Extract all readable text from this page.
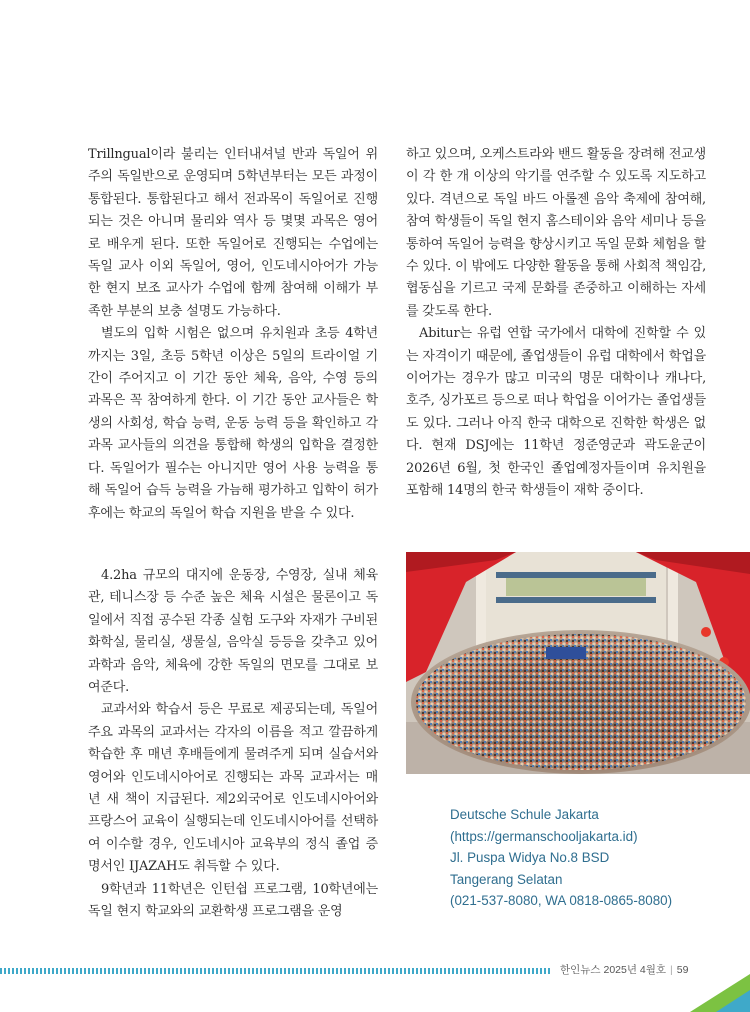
Trillngual이라 불리는 인터내셔널 반과 독일어 위주의 독일반으로 운영되며 5학년부터는 모든 과정이 통합된다. 통합된다고 해서 전과목이 독일어로 진행되는 것은 아니며 물리와 역사 등 몇몇 과목은 영어로 배우게 된다. 또한 독일어로 진행되는 수업에는 독일 교사 이외 독일어, 영어, 인도네시아어가 가능한 현지 보조 교사가 수업에 함께 참여해 이해가 부족한 부분의 보충 설명도 가능하다.

별도의 입학 시험은 없으며 유치원과 초등 4학년 까지는 3일, 초등 5학년 이상은 5일의 트라이얼 기간이 주어지고 이 기간 동안 체육, 음악, 수영 등의 과목은 꼭 참여하게 한다. 이 기간 동안 교사들은 학생의 사회성, 학습 능력, 운동 능력 등을 확인하고 각 과목 교사들의 의견을 통합해 학생의 입학을 결정한다. 독일어가 필수는 아니지만 영어 사용 능력을 통해 독일어 습득 능력을 가늠해 평가하고 입학이 허가 후에는 학교의 독일어 학습 지원을 받을 수 있다.

4.2ha 규모의 대지에 운동장, 수영장, 실내 체육관, 테니스장 등 수준 높은 체육 시설은 물론이고 독일에서 직접 공수된 각종 실험 도구와 자재가 구비된 화학실, 물리실, 생물실, 음악실 등등을 갖추고 있어 과학과 음악, 체육에 강한 독일의 면모를 그대로 보여준다.

교과서와 학습서 등은 무료로 제공되는데, 독일어 주요 과목의 교과서는 각자의 이름을 적고 깔끔하게 학습한 후 매년 후배들에게 물려주게 되며 실습서와 영어와 인도네시아어로 진행되는 과목 교과서는 매년 새 책이 지급된다. 제2외국어로 인도네시아어와 프랑스어 교육이 실행되는데 인도네시아어를 선택하여 이수할 경우, 인도네시아 교육부의 정식 졸업 증명서인 IJAZAH도 취득할 수 있다.

9학년과 11학년은 인턴쉽 프로그램, 10학년에는 독일 현지 학교와의 교환학생 프로그램을 운영

하고 있으며, 오케스트라와 밴드 활동을 장려해 전교생이 각 한 개 이상의 악기를 연주할 수 있도록 지도하고 있다. 격년으로 독일 바드 아롤젠 음악 축제에 참여해, 참여 학생들이 독일 현지 홈스테이와 음악 세미나 등을 통하여 독일어 능력을 향상시키고 독일 문화 체험을 할 수 있다. 이 밖에도 다양한 활동을 통해 사회적 책임감, 협동심을 기르고 국제 문화를 존중하고 이해하는 자세를 갖도록 한다.

Abitur는 유럽 연합 국가에서 대학에 진학할 수 있는 자격이기 때문에, 졸업생들이 유럽 대학에서 학업을 이어가는 경우가 많고 미국의 명문 대학이나 캐나다, 호주, 싱가포르 등으로 떠나 학업을 이어가는 졸업생들도 있다. 그러나 아직 한국 대학으로 진학한 학생은 없다. 현재 DSJ에는 11학년 정준영군과 곽도윤군이 2026년 6월, 첫 한국인 졸업예정자들이며 유치원을 포함해 14명의 한국 학생들이 재학 중이다.

Deutsche Schule Jakarta
(https://germanschooljakarta.id)
Jl. Puspa Widya No.8 BSD
Tangerang Selatan
(021-537-8080, WA 0818-0865-8080)
한인뉴스 2025년 4월호 | 59
